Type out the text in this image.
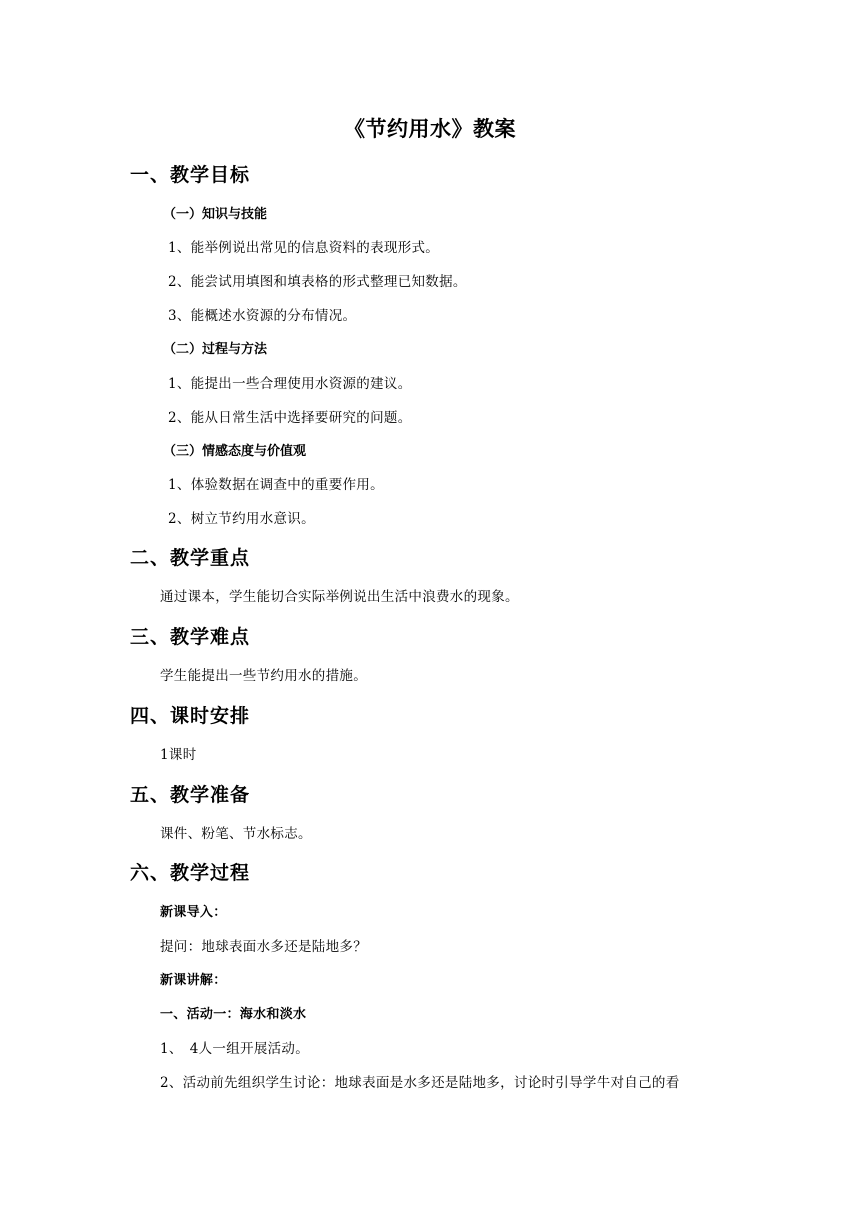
《节约用水》教案
一、教学目标
（一）知识与技能
1、能举例说出常见的信息资料的表现形式。
2、能尝试用填图和填表格的形式整理已知数据。
3、能概述水资源的分布情况。
（二）过程与方法
1、能提出一些合理使用水资源的建议。
2、能从日常生活中选择要研究的问题。
（三）情感态度与价值观
1、体验数据在调查中的重要作用。
2、树立节约用水意识。
二、教学重点
通过课本，学生能切合实际举例说出生活中浪费水的现象。
三、教学难点
学生能提出一些节约用水的措施。
四、课时安排
1课时
五、教学准备
课件、粉笔、节水标志。
六、教学过程
新课导入：
提问：地球表面水多还是陆地多？
新课讲解：
一、活动一：海水和淡水
1、　4人一组开展活动。
2、活动前先组织学生讨论：地球表面是水多还是陆地多，讨论时引导学牛对自己的看
